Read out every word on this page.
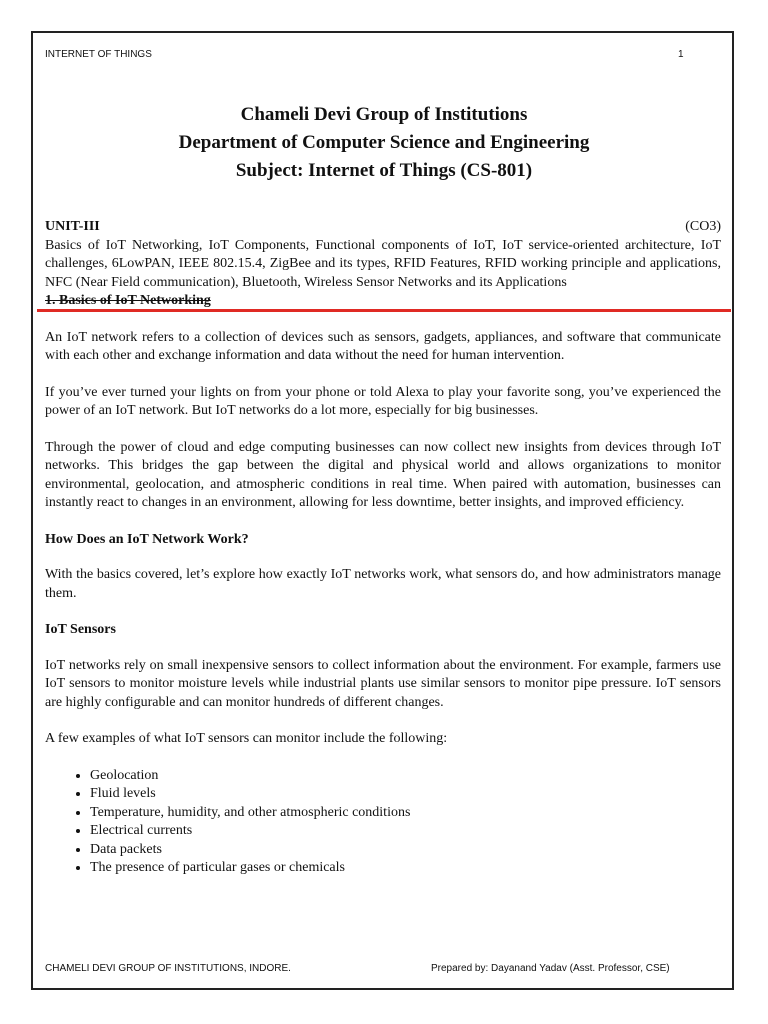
INTERNET OF THINGS	1
Chameli Devi Group of Institutions
Department of Computer Science and Engineering
Subject: Internet of Things (CS-801)
UNIT-III	(CO3)

Basics of IoT Networking, IoT Components, Functional components of IoT, IoT service-oriented architecture, IoT challenges, 6LowPAN, IEEE 802.15.4, ZigBee and its types, RFID Features, RFID working principle and applications, NFC (Near Field communication), Bluetooth, Wireless Sensor Networks and its Applications

1. Basics of IoT Networking

An IoT network refers to a collection of devices such as sensors, gadgets, appliances, and software that communicate with each other and exchange information and data without the need for human intervention.

If you’ve ever turned your lights on from your phone or told Alexa to play your favorite song, you’ve experienced the power of an IoT network. But IoT networks do a lot more, especially for big businesses.

Through the power of cloud and edge computing businesses can now collect new insights from devices through IoT networks. This bridges the gap between the digital and physical world and allows organizations to monitor environmental, geolocation, and atmospheric conditions in real time. When paired with automation, businesses can instantly react to changes in an environment, allowing for less downtime, better insights, and improved efficiency.

How Does an IoT Network Work?

With the basics covered, let’s explore how exactly IoT networks work, what sensors do, and how administrators manage them.

IoT Sensors

IoT networks rely on small inexpensive sensors to collect information about the environment. For example, farmers use IoT sensors to monitor moisture levels while industrial plants use similar sensors to monitor pipe pressure. IoT sensors are highly configurable and can monitor hundreds of different changes.

A few examples of what IoT sensors can monitor include the following:

• Geolocation
• Fluid levels
• Temperature, humidity, and other atmospheric conditions
• Electrical currents
• Data packets
• The presence of particular gases or chemicals
CHAMELI DEVI GROUP OF INSTITUTIONS, INDORE.	Prepared by: Dayanand Yadav (Asst. Professor, CSE)
